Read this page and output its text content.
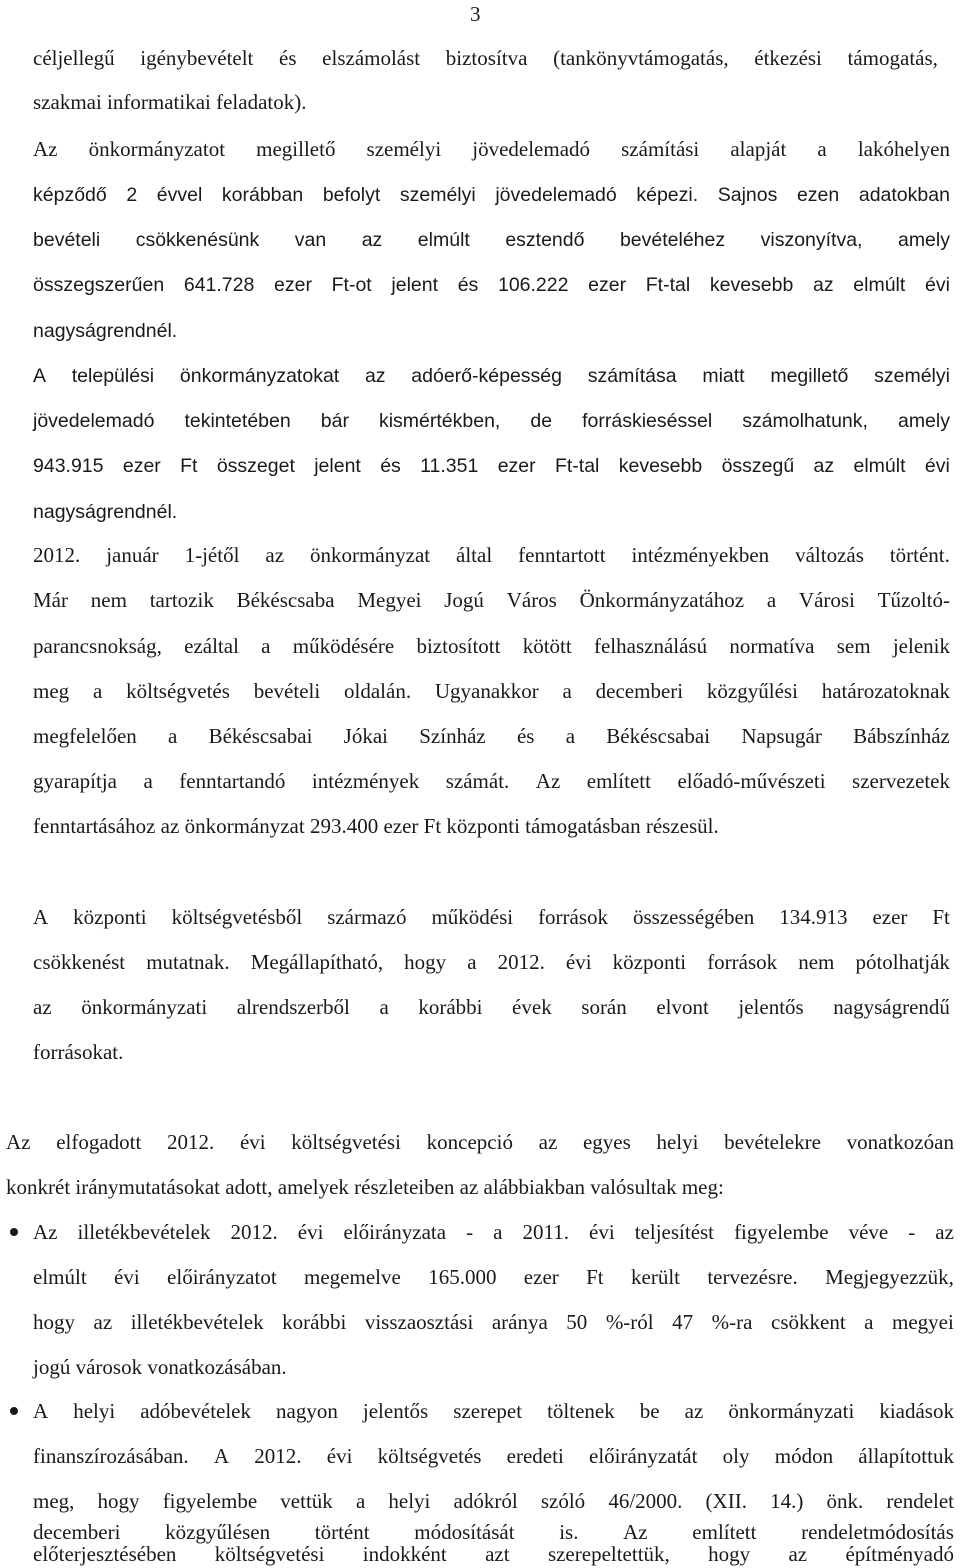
3
céljellegű igénybevételt és elszámolást biztosítva (tankönyvtámogatás, étkezési támogatás,
szakmai informatikai feladatok).
Az önkormányzatot megillető személyi jövedelemadó számítási alapját a lakóhelyen
képződő 2 évvel korábban befolyt személyi jövedelemadó képezi. Sajnos ezen adatokban
bevételi csökkenésünk van az elmúlt esztendő bevételéhez viszonyítva, amely
összegszerűen 641.728 ezer Ft-ot jelent és 106.222 ezer Ft-tal kevesebb az elmúlt évi
nagyságrendnél.
A települési önkormányzatokat az adóerő-képesség számítása miatt megillető személyi
jövedelemadó tekintetében bár kismértékben, de forráskieséssel számolhatunk, amely
943.915 ezer Ft összeget jelent és 11.351 ezer Ft-tal kevesebb összegű az elmúlt évi
nagyságrendnél.
2012. január 1-jétől az önkormányzat által fenntartott intézményekben változás történt.
Már nem tartozik Békéscsaba Megyei Jogú Város Önkormányzatához a Városi Tűzoltó-
parancsnokság, ezáltal a működésére biztosított kötött felhasználású normatíva sem jelenik
meg a költségvetés bevételi oldalán. Ugyanakkor a decemberi közgyűlési határozatoknak
megfelelően a Békéscsabai Jókai Színház és a Békéscsabai Napsugár Bábszínház
gyarapítja a fenntartandó intézmények számát. Az említett előadó-művészeti szervezetek
fenntartásához az önkormányzat 293.400 ezer Ft központi támogatásban részesül.
A központi költségvetésből származó működési források összességében 134.913 ezer Ft
csökkenést mutatnak. Megállapítható, hogy a 2012. évi központi források nem pótolhatják
az önkormányzati alrendszerből a korábbi évek során elvont jelentős nagyságrendű
forrásokat.
Az elfogadott 2012. évi költségvetési koncepció az egyes helyi bevételekre vonatkozóan
konkrét iránymutatásokat adott, amelyek részleteiben az alábbiakban valósultak meg:
Az illetékbevételek 2012. évi előirányzata - a 2011. évi teljesítést figyelembe véve - az
elmúlt évi előirányzatot megemelve 165.000 ezer Ft került tervezésre. Megjegyezzük,
hogy az illetékbevételek korábbi visszaosztási aránya 50 %-ról 47 %-ra csökkent a megyei
jogú városok vonatkozásában.
A helyi adóbevételek nagyon jelentős szerepet töltenek be az önkormányzati kiadások
finanszírozásában. A 2012. évi költségvetés eredeti előirányzatát oly módon állapítottuk
meg, hogy figyelembe vettük a helyi adókról szóló 46/2000. (XII. 14.) önk. rendelet
decemberi közgyűlésen történt módosítását is. Az említett rendeletmódosítás
előterjesztésében költségvetési indokként azt szerepeltettük, hogy az építményadó
